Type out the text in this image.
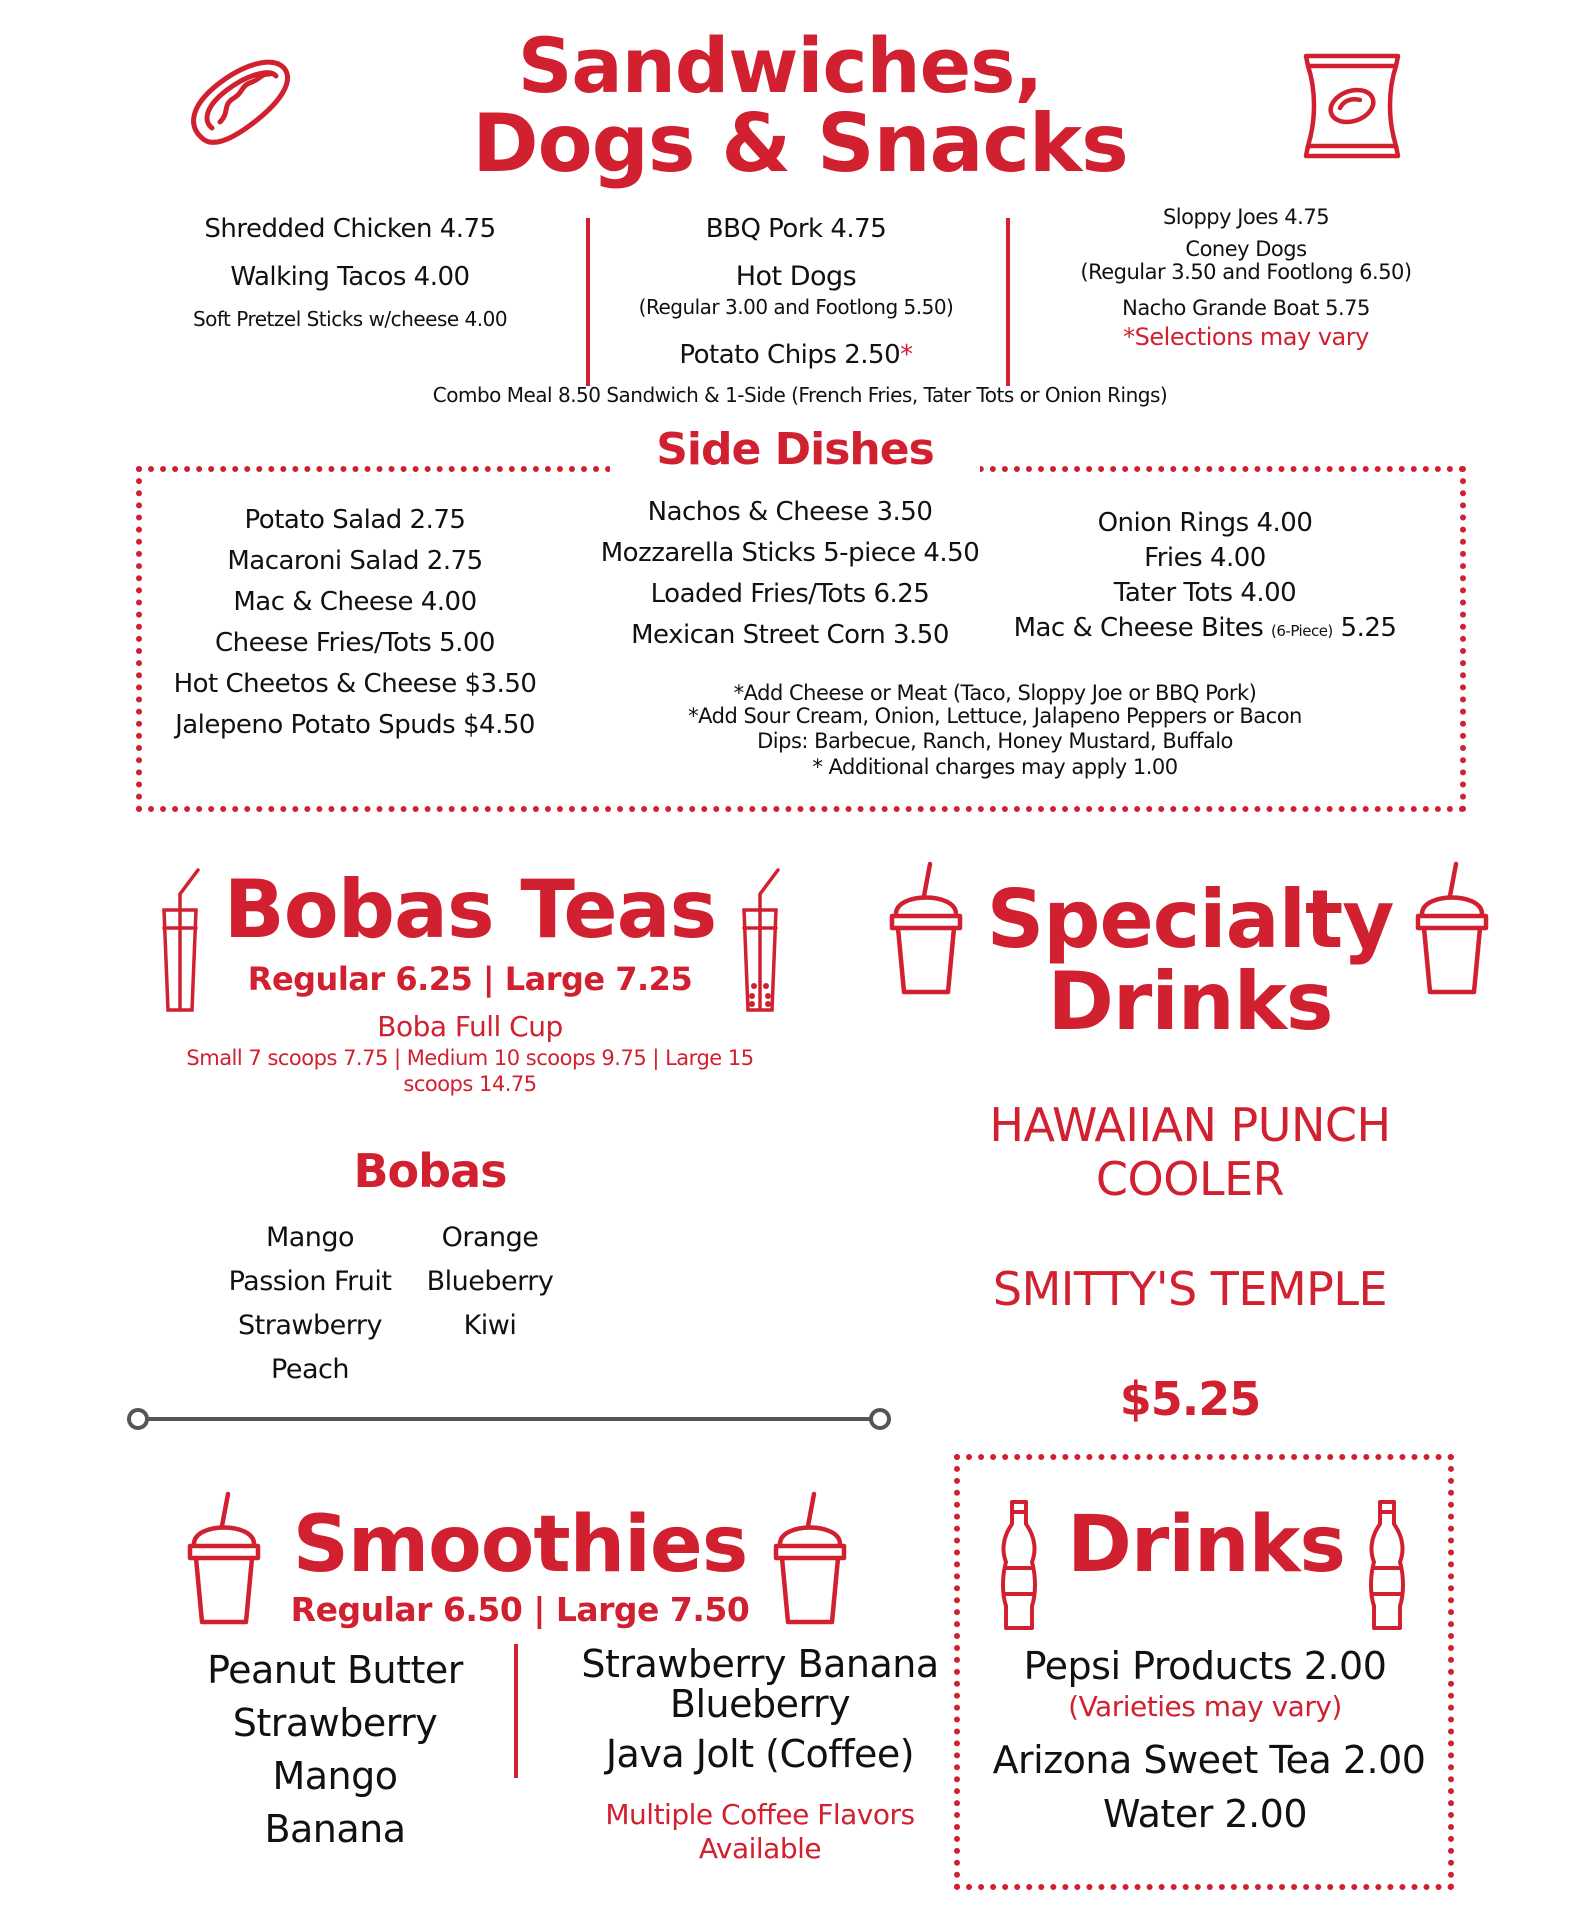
Sandwiches,
Dogs & Snacks
Shredded Chicken 4.75
Walking Tacos 4.00
Soft Pretzel Sticks w/cheese 4.00
BBQ Pork 4.75
Hot Dogs
(Regular 3.00 and Footlong 5.50)
Potato Chips 2.50*
Sloppy Joes 4.75
Coney Dogs
(Regular 3.50 and Footlong 6.50)
Nacho Grande Boat 5.75
*Selections may vary
Combo Meal 8.50 Sandwich & 1-Side (French Fries, Tater Tots or Onion Rings)
Side Dishes
Potato Salad 2.75
Macaroni Salad 2.75
Mac & Cheese 4.00
Cheese Fries/Tots 5.00
Hot Cheetos & Cheese $3.50
Jalepeno Potato Spuds $4.50
Nachos & Cheese 3.50
Mozzarella Sticks 5-piece 4.50
Loaded Fries/Tots 6.25
Mexican Street Corn 3.50
Onion Rings 4.00
Fries 4.00
Tater Tots 4.00
Mac & Cheese Bites (6-Piece) 5.25
*Add Cheese or Meat (Taco, Sloppy Joe or BBQ Pork)
*Add Sour Cream, Onion, Lettuce, Jalapeno Peppers or Bacon
Dips: Barbecue, Ranch, Honey Mustard, Buffalo
* Additional charges may apply 1.00
Bobas Teas
Regular 6.25 | Large 7.25
Boba Full Cup
Small 7 scoops 7.75 | Medium 10 scoops 9.75 | Large 15
scoops 14.75
Bobas
Mango
Passion Fruit
Strawberry
Peach
Orange
Blueberry
Kiwi
Specialty
Drinks
HAWAIIAN PUNCH
COOLER
SMITTY'S TEMPLE
$5.25
Smoothies
Regular 6.50 | Large 7.50
Peanut Butter
Strawberry
Mango
Banana
Strawberry Banana
Blueberry
Java Jolt (Coffee)
Multiple Coffee Flavors
Available
Drinks
Pepsi Products 2.00
(Varieties may vary)
Arizona Sweet Tea 2.00
Water 2.00
